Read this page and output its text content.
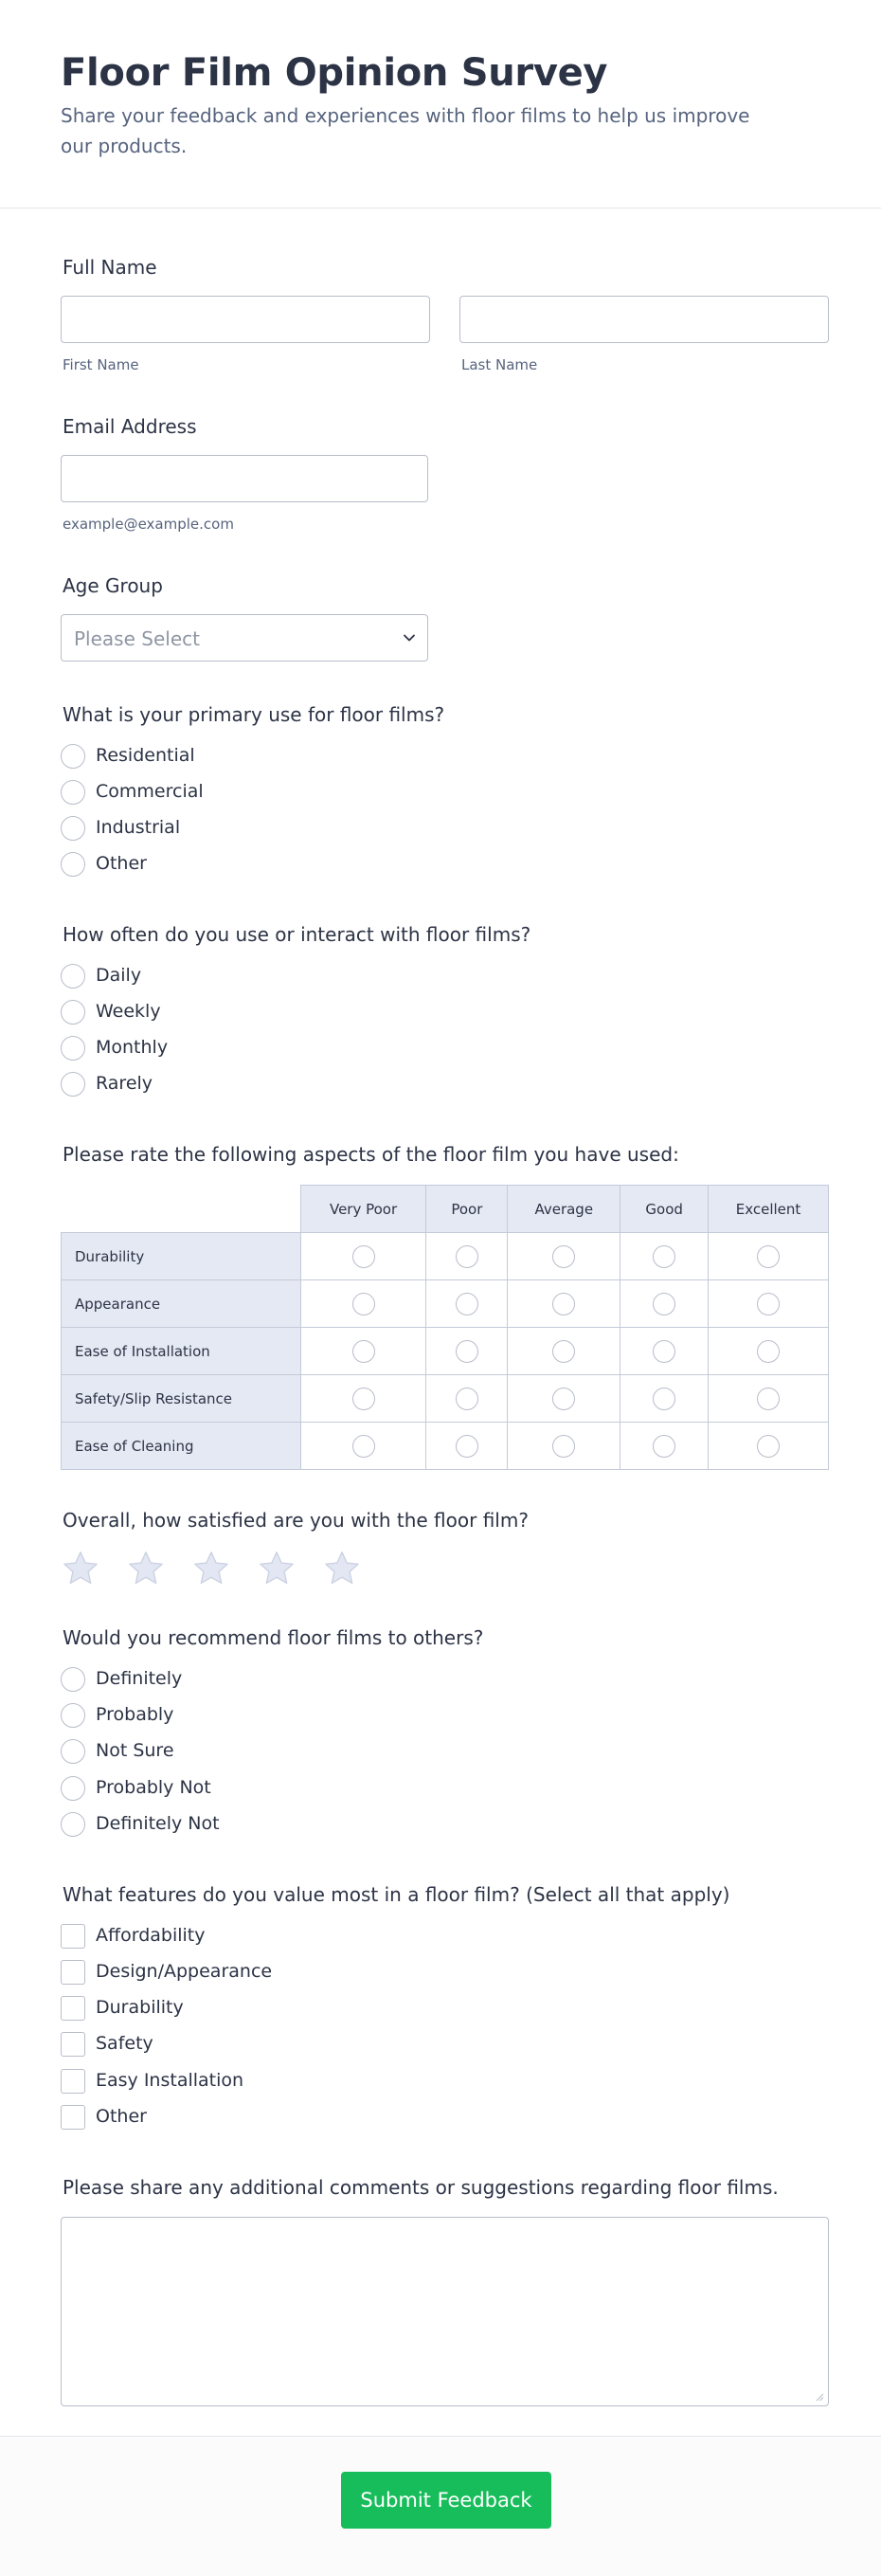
Floor Film Opinion Survey
Share your feedback and experiences with floor films to help us improve our products.
Full Name
First Name	Last Name
Email Address
example@example.com
Age Group
Please Select
What is your primary use for floor films?
Residential
Commercial
Industrial
Other
How often do you use or interact with floor films?
Daily
Weekly
Monthly
Rarely
Please rate the following aspects of the floor film you have used:
	Very Poor	Poor	Average	Good	Excellent
Durability					
Appearance					
Ease of Installation					
Safety/Slip Resistance					
Ease of Cleaning					
Overall, how satisfied are you with the floor film?
Would you recommend floor films to others?
Definitely
Probably
Not Sure
Probably Not
Definitely Not
What features do you value most in a floor film? (Select all that apply)
Affordability
Design/Appearance
Durability
Safety
Easy Installation
Other
Please share any additional comments or suggestions regarding floor films.
Submit Feedback
